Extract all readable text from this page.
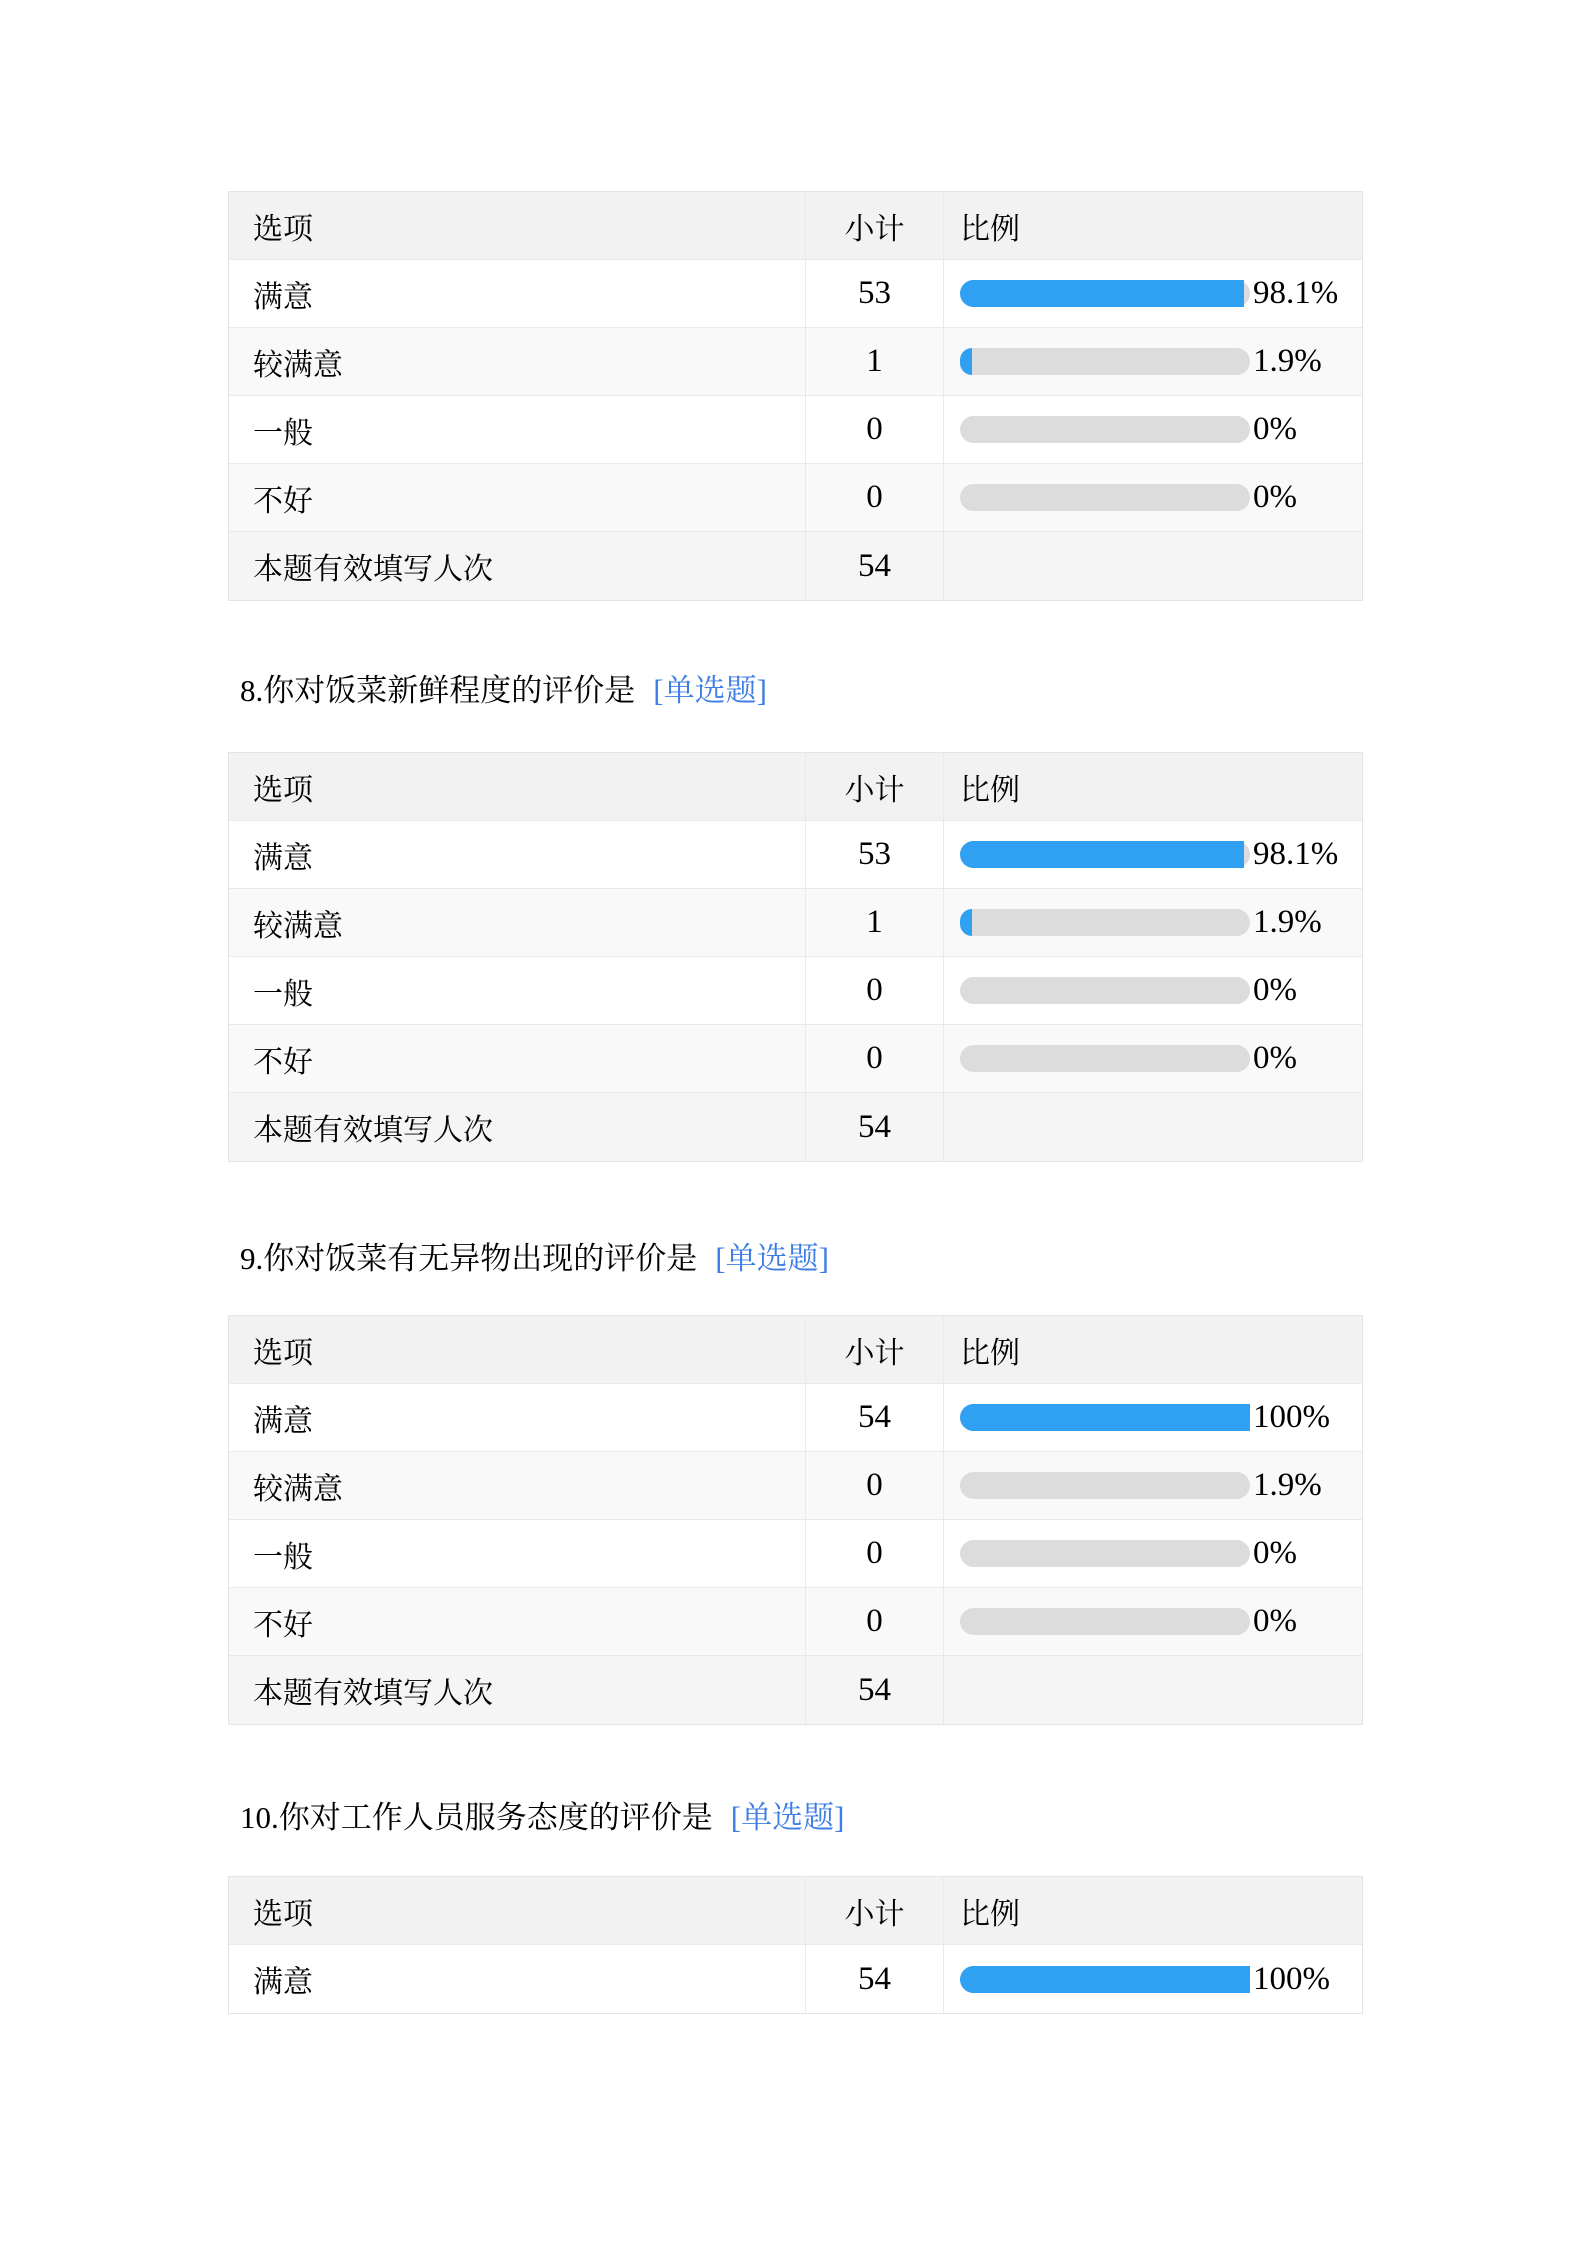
选项	小计	比例
满意	53	98.1%
较满意	1	1.9%
一般	0	0%
不好	0	0%
本题有效填写人次	54
8.你对饭菜新鲜程度的评价是 [单选题]
选项	小计	比例
满意	53	98.1%
较满意	1	1.9%
一般	0	0%
不好	0	0%
本题有效填写人次	54
9.你对饭菜有无异物出现的评价是 [单选题]
选项	小计	比例
满意	54	100%
较满意	0	1.9%
一般	0	0%
不好	0	0%
本题有效填写人次	54
10.你对工作人员服务态度的评价是 [单选题]
选项	小计	比例
满意	54	100%
